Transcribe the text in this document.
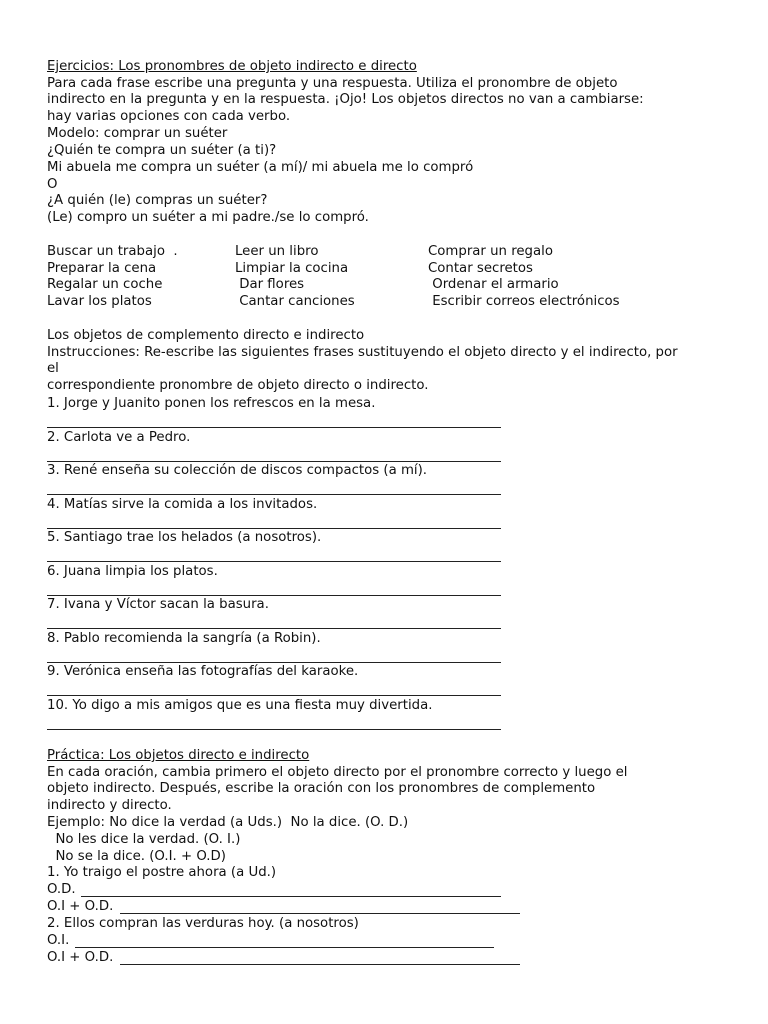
Ejercicios: Los pronombres de objeto indirecto e directo
Para cada frase escribe una pregunta y una respuesta. Utiliza el pronombre de objeto
indirecto en la pregunta y en la respuesta. ¡Ojo! Los objetos directos no van a cambiarse:
hay varias opciones con cada verbo.
Modelo: comprar un suéter
¿Quién te compra un suéter (a ti)?
Mi abuela me compra un suéter (a mí)/ mi abuela me lo compró
O
¿A quién (le) compras un suéter?
(Le) compro un suéter a mi padre./se lo compró.
Buscar un trabajo  .	Leer un libro	Comprar un regalo
Preparar la cena	Limpiar la cocina	Contar secretos
Regalar un coche	Dar flores	Ordenar el armario
Lavar los platos	Cantar canciones	Escribir correos electrónicos
Los objetos de complemento directo e indirecto
Instrucciones: Re-escribe las siguientes frases sustituyendo el objeto directo y el indirecto, por
el
correspondiente pronombre de objeto directo o indirecto.
1. Jorge y Juanito ponen los refrescos en la mesa.
2. Carlota ve a Pedro.
3. René enseña su colección de discos compactos (a mí).
4. Matías sirve la comida a los invitados.
5. Santiago trae los helados (a nosotros).
6. Juana limpia los platos.
7. Ivana y Víctor sacan la basura.
8. Pablo recomienda la sangría (a Robin).
9. Verónica enseña las fotografías del karaoke.
10. Yo digo a mis amigos que es una fiesta muy divertida.
Práctica: Los objetos directo e indirecto
En cada oración, cambia primero el objeto directo por el pronombre correcto y luego el
objeto indirecto. Después, escribe la oración con los pronombres de complemento
indirecto y directo.
Ejemplo: No dice la verdad (a Uds.)  No la dice. (O. D.)
No les dice la verdad. (O. I.)
No se la dice. (O.I. + O.D)
1. Yo traigo el postre ahora (a Ud.)
O.D.
O.I + O.D.
2. Ellos compran las verduras hoy. (a nosotros)
O.I.
O.I + O.D.
